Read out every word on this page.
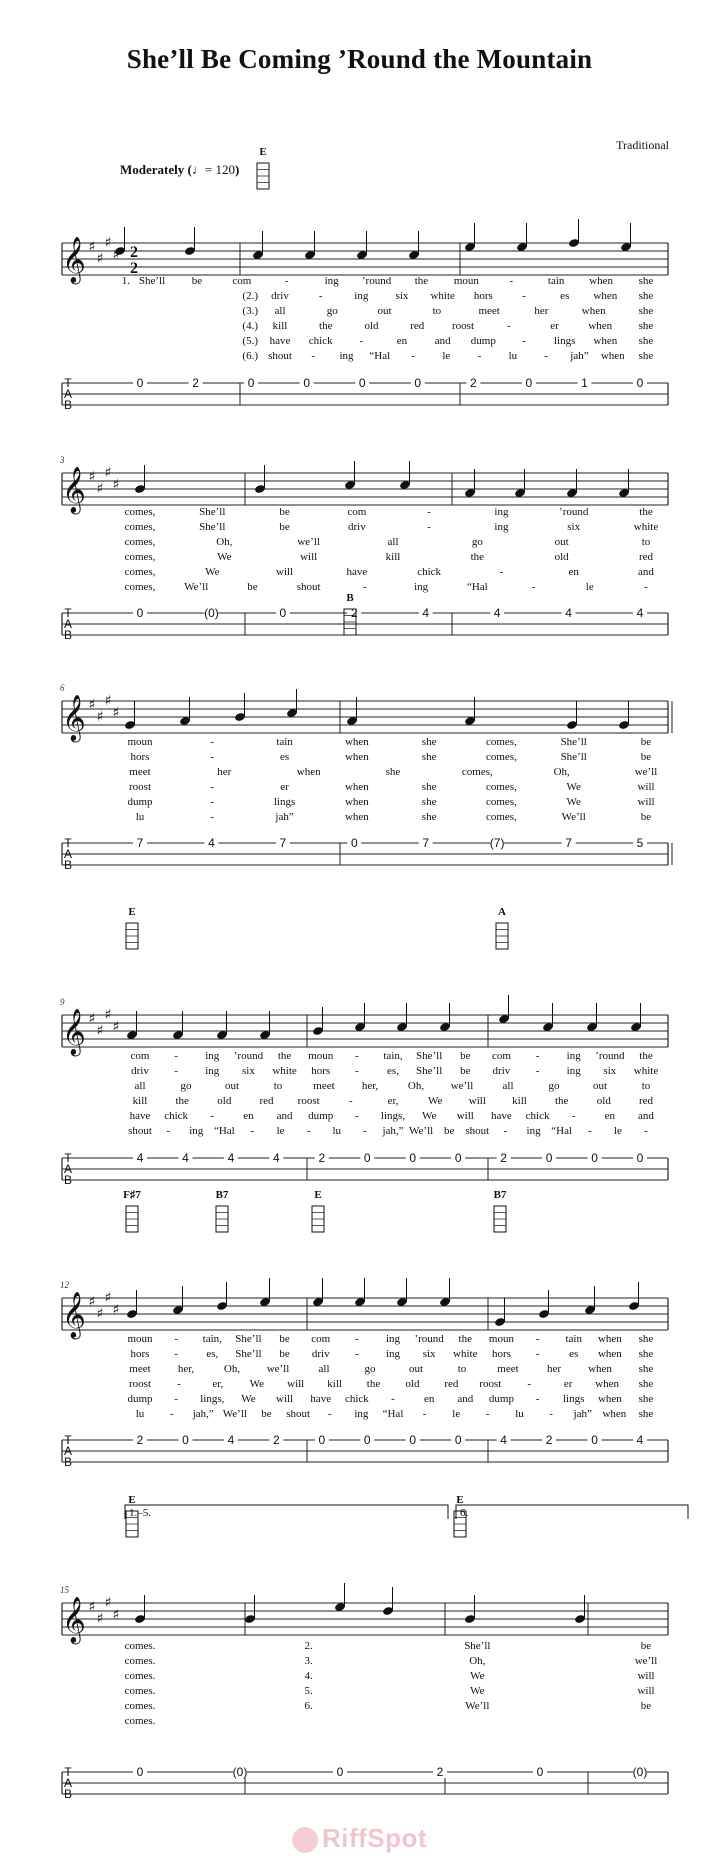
She’ll Be Coming ’Round the Mountain
Traditional
Moderately (♩= 120)
𝄞 ♯
♯
♯
♯ 2
2
E
1.
(2.)
(3.)
(4.)
(5.)
(6.)
She’ll be	com	-	ing ’round the moun	-	tain when she
driv	-	ing six white hors	-	es when she
all	go	out	to	meet	her	when	she
kill	the	old	red	roost	-	er	when she
have chick -	en	and dump -	lings when she
shout - ing “Hal - le - lu - jah” when she
T
A
B
0	2	0	0	0	0	2	0	1	0
𝄞 ♯
♯
♯
♯
3
comes,	She’ll	be	com	-	ing	’round	the
comes,	She’ll	be	driv	-	ing	six	white
comes,	Oh,	we’ll	all	go	out	to
comes,	We	will	kill	the	old	red
comes,	We	will	have	chick	-	en	and
comes,	We’ll	be	shout	-	ing	“Hal	-	le	-
T
A
B
0	(0)	0	2	4	4	4	4
𝄞 ♯
♯
♯
♯
6
B
moun	-	tain	when	she	comes,	She’ll	be
hors	-	es	when	she	comes,	She’ll	be
meet	her	when	she	comes,	Oh,	we’ll
roost	-	er	when	she	comes,	We	will
dump	-	lings	when	she	comes,	We	will
lu	-	jah”	when	she	comes,	We’ll	be
T
A
B
7	4	7	0	7	(7)	7	5
𝄞 ♯
♯
♯
♯
9
E	A
com - ing ’round the moun - tain, She’ll be com - ing ’round the
driv - ing six white hors -	es, She’ll be driv - ing six white
all	go	out	to	meet her,	Oh, we’ll	all	go	out	to
kill	the	old	red roost	-	er,	We will kill	the	old	red
have chick -	en and dump - lings, We will have chick -	en and
shout - ing “Hal - le - lu - jah,” We’ll be shout - ing “Hal - le -
T
A
B
4	4	4	4	2	0	0	0	2	0	0	0
𝄞 ♯
♯
♯
♯
12
F♯7	B7	E	B7
moun - tain, She’ll be com - ing ’round the moun - tain when she
hors -	es, She’ll be driv - ing six white hors -	es when she
meet her,	Oh, we’ll	all	go	out	to	meet	her when she
roost -	er, We will kill the old red roost -	er when she
dump - lings, We will have chick -	en and dump - lings when she
lu - jah,” We’ll be shout - ing “Hal - le - lu - jah” when she
T
A
B
2	0	4	2	0	0	0	0	4	2	0	4
𝄞 ♯
♯
♯
♯
15
E	E
1.–5.	6.
comes.	2.	She’ll	be
comes.	3.	Oh,	we’ll
comes.	4.	We	will
comes.	5.	We	will
comes.	6.	We’ll	be
comes.
T
A
B
0	(0)	0	2	0	(0)
RiffSpot
